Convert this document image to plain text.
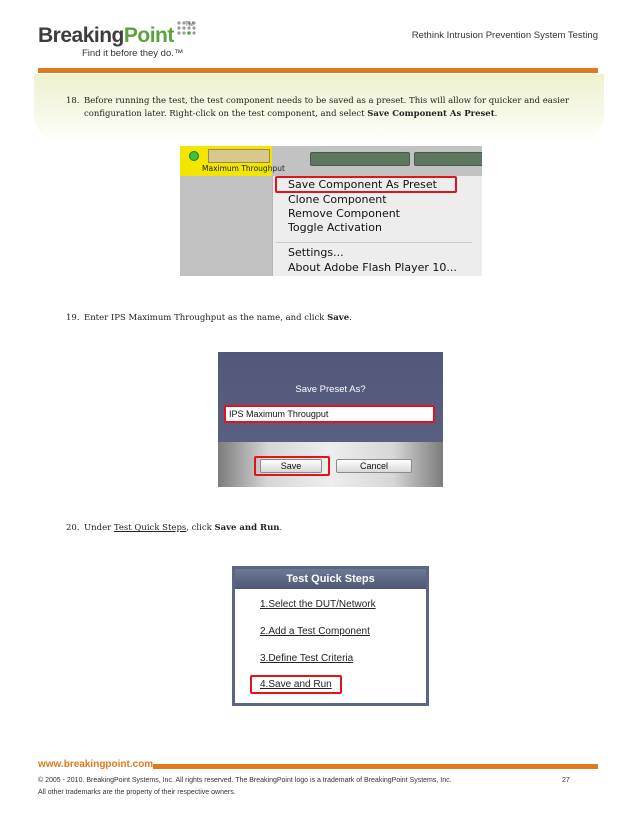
BreakingPoint TM
Find it before they do.™
Rethink Intrusion Prevention System Testing
18. Before running the test, the test component needs to be saved as a preset. This will allow for quicker and easier
configuration later. Right-click on the test component, and select Save Component As Preset.
Maximum Throughput
Save Component As Preset
Clone Component
Remove Component
Toggle Activation
Settings...
About Adobe Flash Player 10...
19. Enter IPS Maximum Throughput as the name, and click Save.
Save Preset As?
IPS Maximum Througput
Save	Cancel
20. Under Test Quick Steps, click Save and Run.
Test Quick Steps
1.Select the DUT/Network
2.Add a Test Component
3.Define Test Criteria
4.Save and Run
www.breakingpoint.com
© 2005 - 2010. BreakingPoint Systems, Inc. All rights reserved. The BreakingPoint logo is a trademark of BreakingPoint Systems, Inc.	27
All other trademarks are the property of their respective owners.
